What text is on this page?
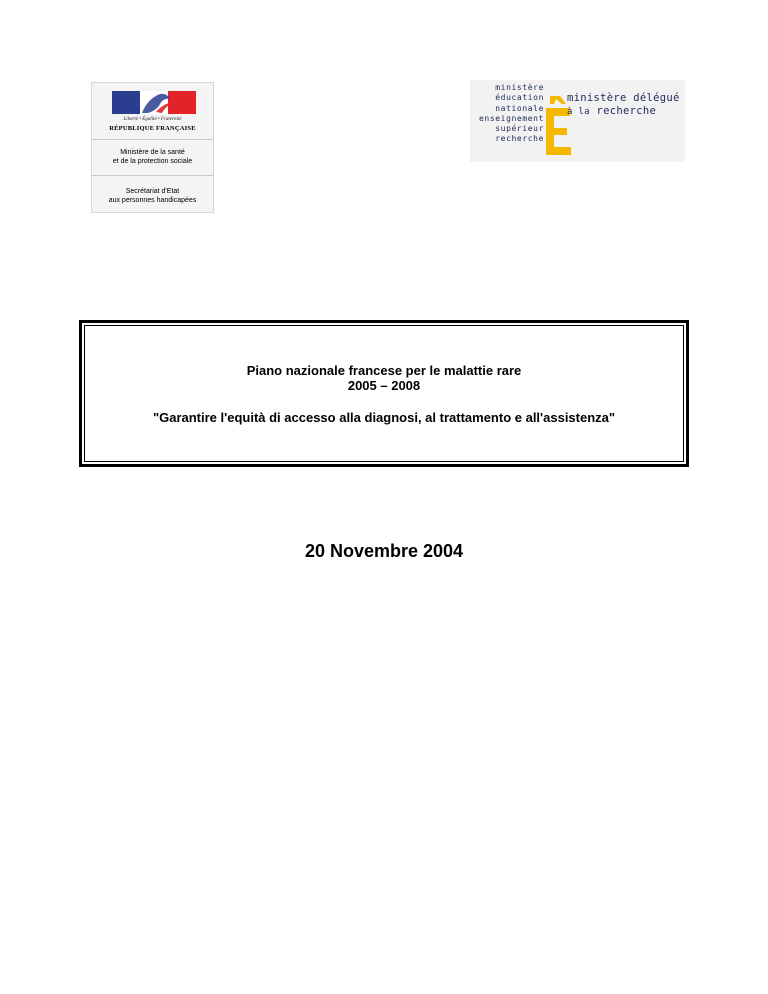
Liberté • Égalité • Fraternité
RÉPUBLIQUE FRANÇAISE
Ministère de la santé
et de la protection sociale
Secrétariat d'Etat
aux personnes handicapées
ministère
éducation
nationale
enseignement
supérieur
recherche
ministère délégué
à la recherche
Piano nazionale francese per le malattie rare
2005 – 2008
"Garantire l'equità di accesso alla diagnosi, al trattamento e all'assistenza"
20 Novembre 2004
